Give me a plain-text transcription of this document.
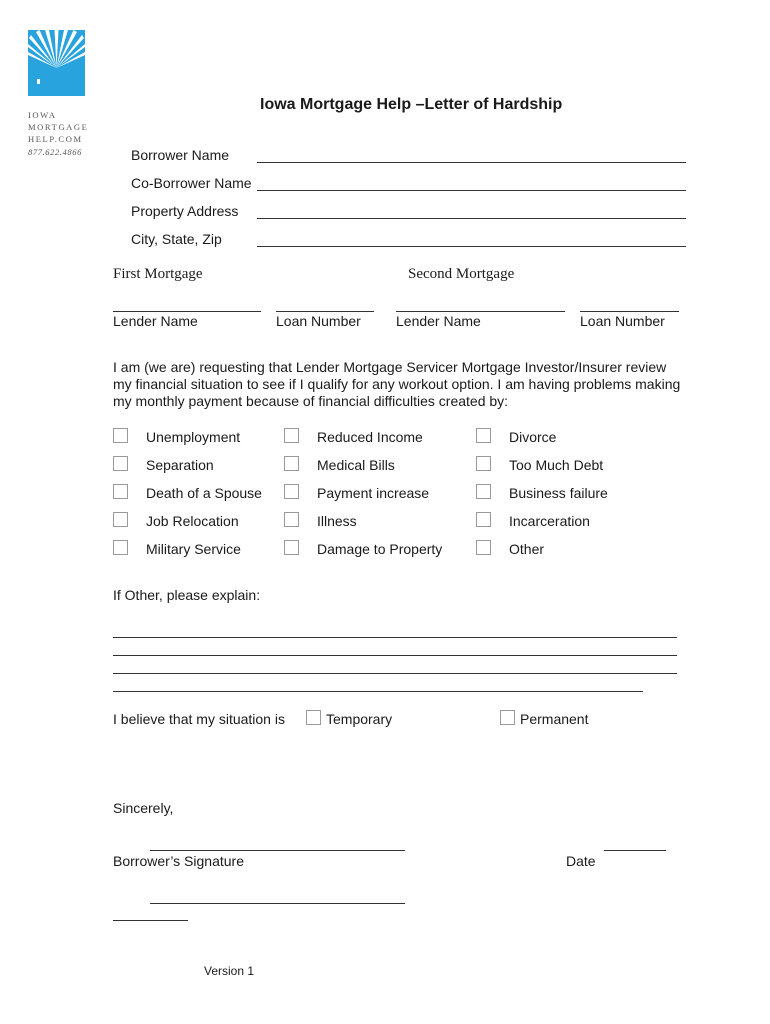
IOWA
MORTGAGE
HELP.COM
877.622.4866
Iowa Mortgage Help –Letter of Hardship
Borrower Name
Co-Borrower Name
Property Address
City, State, Zip
First Mortgage	Second Mortgage
Lender Name	Loan Number	Lender Name	Loan Number
I am (we are) requesting that Lender Mortgage Servicer Mortgage Investor/Insurer review my financial situation to see if I qualify for any workout option. I am having problems making my monthly payment because of financial difficulties created by:
Unemployment
Separation
Death of a Spouse
Job Relocation
Military Service
Reduced Income
Medical Bills
Payment increase
Illness
Damage to Property
Divorce
Too Much Debt
Business failure
Incarceration
Other
If Other, please explain:
I believe that my situation is	Temporary	Permanent
Sincerely,
Borrower’s Signature	Date
Version 1
